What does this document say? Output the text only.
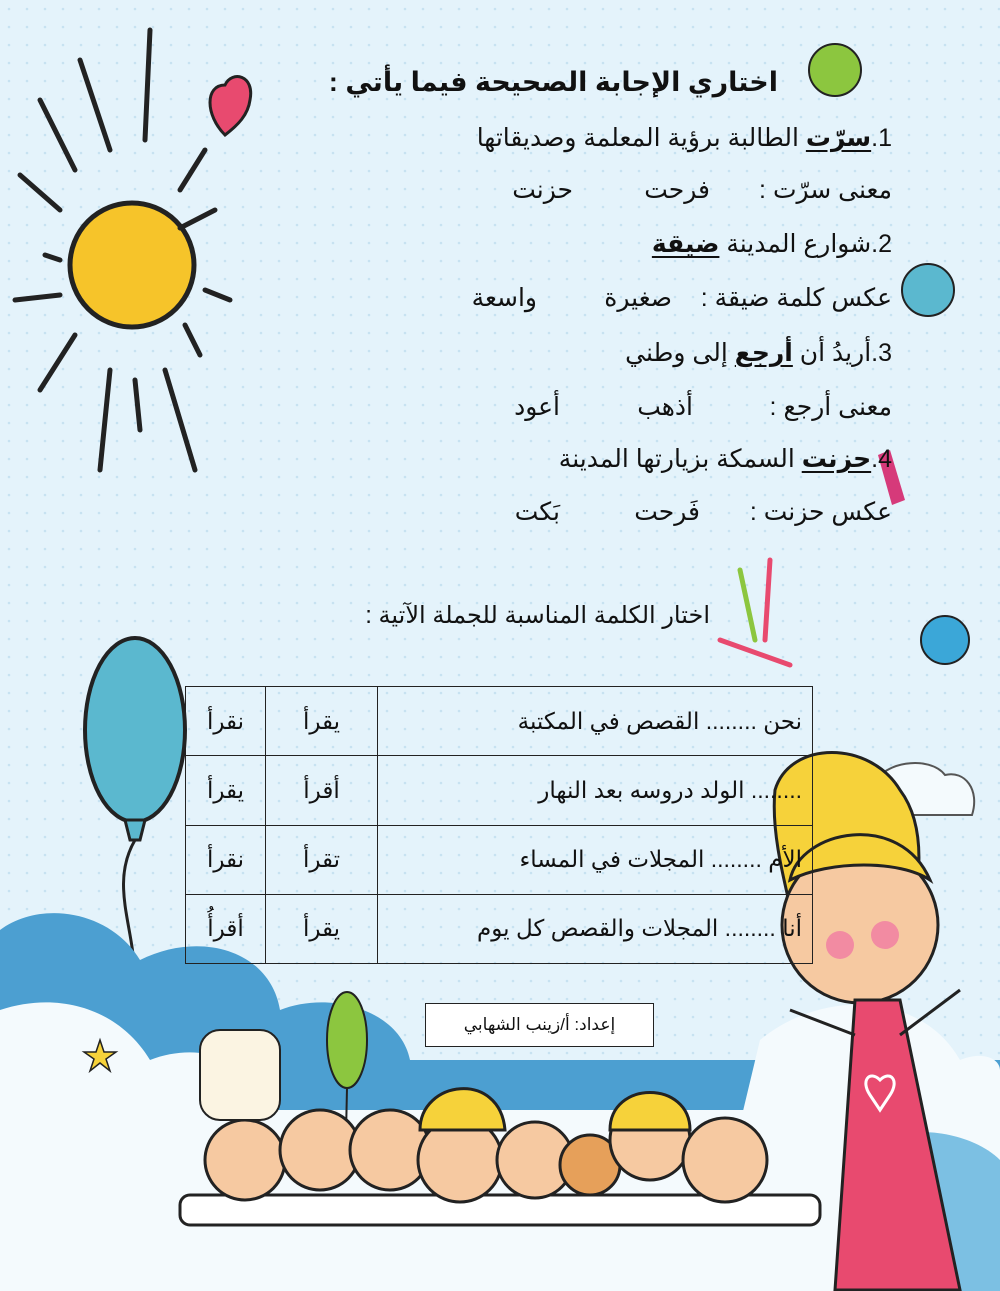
اختاري الإجابة الصحيحة فيما يأتي :
1.سرّت الطالبة برؤية المعلمة وصديقاتها
معنى سرّت :
فرحت
حزنت
2.شوارع المدينة ضيقة
عكس كلمة ضيقة :
صغيرة
واسعة
3.أريدُ أن أرجع إلى وطني
معنى أرجع :
أذهب
أعود
4.حزنت السمكة بزيارتها المدينة
عكس حزنت :
فَرحت
بَكت
اختار الكلمة المناسبة للجملة الآتية :
نحن ........ القصص في المكتبة	يقرأ	نقرأ
........ الولد دروسه بعد النهار	أقرأ	يقرأ
الأم ........ المجلات في المساء	تقرأ	نقرأ
أنا ........ المجلات والقصص كل يوم	يقرأ	أقرأُ
إعداد: أ/زينب الشهابي
